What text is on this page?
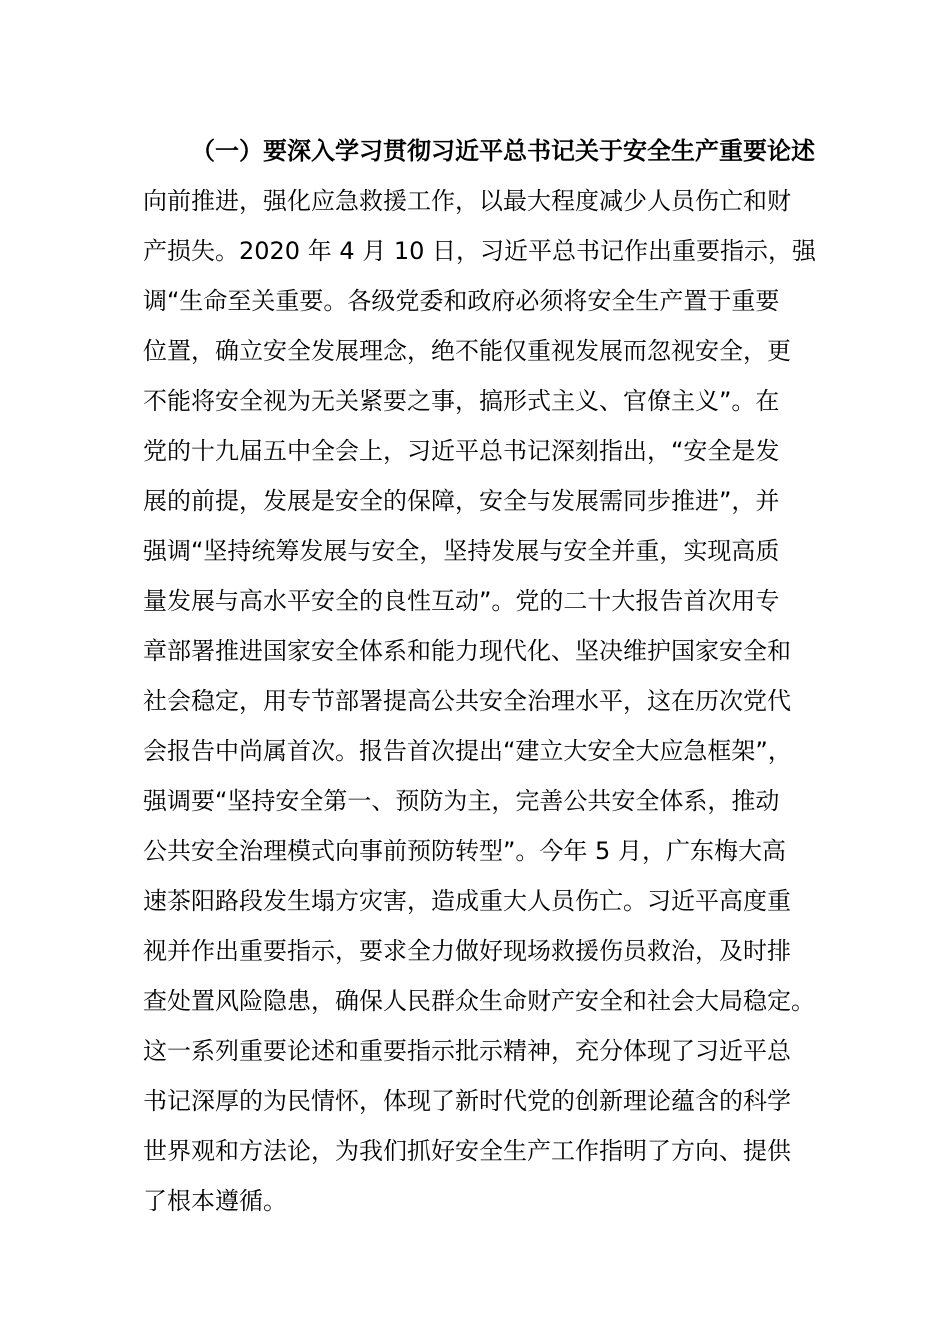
（一）要深入学习贯彻习近平总书记关于安全生产重要论述
向前推进，强化应急救援工作，以最大程度减少人员伤亡和财
产损失。2020 年 4 月 10 日，习近平总书记作出重要指示，强
调“生命至关重要。各级党委和政府必须将安全生产置于重要
位置，确立安全发展理念，绝不能仅重视发展而忽视安全，更
不能将安全视为无关紧要之事，搞形式主义、官僚主义”。在
党的十九届五中全会上，习近平总书记深刻指出，“安全是发
展的前提，发展是安全的保障，安全与发展需同步推进”，并
强调“坚持统筹发展与安全，坚持发展与安全并重，实现高质
量发展与高水平安全的良性互动”。党的二十大报告首次用专
章部署推进国家安全体系和能力现代化、坚决维护国家安全和
社会稳定，用专节部署提高公共安全治理水平，这在历次党代
会报告中尚属首次。报告首次提出“建立大安全大应急框架”，
强调要“坚持安全第一、预防为主，完善公共安全体系，推动
公共安全治理模式向事前预防转型”。今年 5 月，广东梅大高
速茶阳路段发生塌方灾害，造成重大人员伤亡。习近平高度重
视并作出重要指示，要求全力做好现场救援伤员救治，及时排
查处置风险隐患，确保人民群众生命财产安全和社会大局稳定。
这一系列重要论述和重要指示批示精神，充分体现了习近平总
书记深厚的为民情怀，体现了新时代党的创新理论蕴含的科学
世界观和方法论，为我们抓好安全生产工作指明了方向、提供
了根本遵循。
